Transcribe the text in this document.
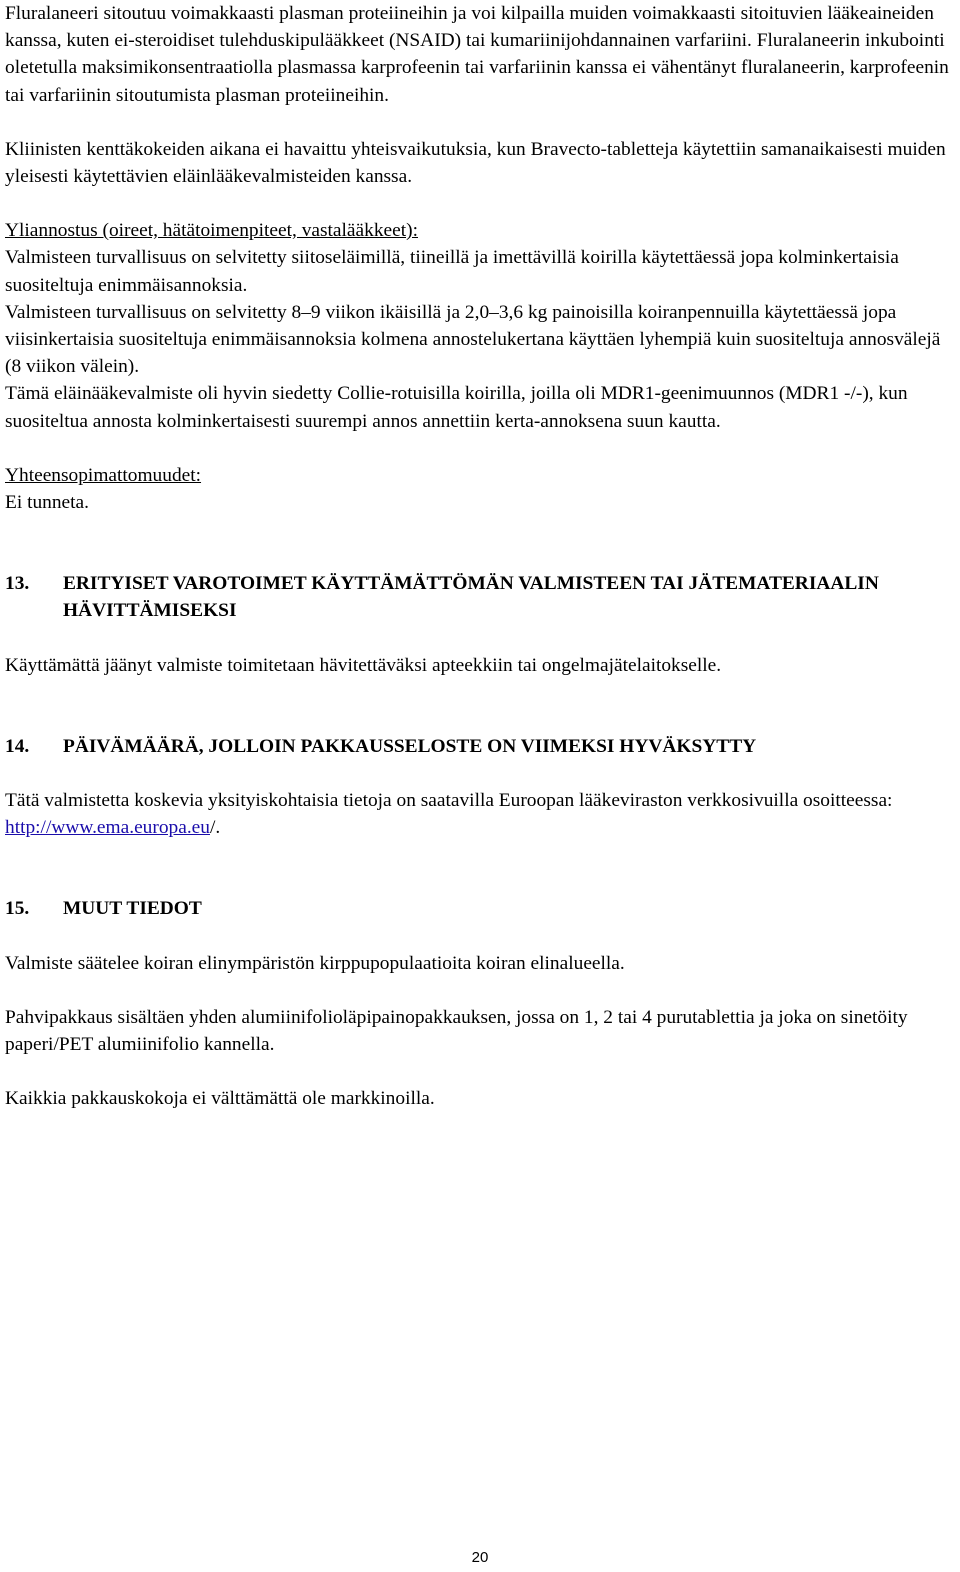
Fluralaneeri sitoutuu voimakkaasti plasman proteiineihin ja voi kilpailla muiden voimakkaasti sitoituvien lääkeaineiden kanssa, kuten ei-steroidiset tulehduskipulääkkeet (NSAID) tai kumariinijohdannainen varfariini. Fluralaneerin inkubointi oletetulla maksimikonsentraatiolla plasmassa karprofeenin tai varfariinin kanssa ei vähentänyt fluralaneerin, karprofeenin tai varfariinin sitoutumista plasman proteiineihin.

Kliinisten kenttäkokeiden aikana ei havaittu yhteisvaikutuksia, kun Bravecto-tabletteja käytettiin samanaikaisesti muiden yleisesti käytettävien eläinlääkevalmisteiden kanssa.

Yliannostus (oireet, hätätoimenpiteet, vastalääkkeet):

Valmisteen turvallisuus on selvitetty siitoseläimillä, tiineillä ja imettävillä koirilla käytettäessä jopa kolminkertaisia suositeltuja enimmäisannoksia.

Valmisteen turvallisuus on selvitetty 8–9 viikon ikäisillä ja 2,0–3,6 kg painoisilla koiranpennuilla käytettäessä jopa viisinkertaisia suositeltuja enimmäisannoksia kolmena annostelukertana käyttäen lyhempiä kuin suositeltuja annosvälejä (8 viikon välein).

Tämä eläinääkevalmiste oli hyvin siedetty Collie-rotuisilla koirilla, joilla oli MDR1-geenimuunnos (MDR1 -/-), kun suositeltua annosta kolminkertaisesti suurempi annos annettiin kerta-annoksena suun kautta.

Yhteensopimattomuudet:

Ei tunneta.

13.	ERITYISET VAROTOIMET KÄYTTÄMÄTTÖMÄN VALMISTEEN TAI JÄTEMATERIAALIN HÄVITTÄMISEKSI

Käyttämättä jäänyt valmiste toimitetaan hävitettäväksi apteekkiin tai ongelmajätelaitokselle.

14.	PÄIVÄMÄÄRÄ, JOLLOIN PAKKAUSSELOSTE ON VIIMEKSI HYVÄKSYTTY

Tätä valmistetta koskevia yksityiskohtaisia tietoja on saatavilla Euroopan lääkeviraston verkkosivuilla osoitteessa: http://www.ema.europa.eu/.

15.	MUUT TIEDOT

Valmiste säätelee koiran elinympäristön kirppupopulaatioita koiran elinalueella.

Pahvipakkaus sisältäen yhden alumiinifolioläpipainopakkauksen, jossa on 1, 2 tai 4 purutablettia ja joka on sinetöity paperi/PET alumiinifolio kannella.

Kaikkia pakkauskokoja ei välttämättä ole markkinoilla.

20
